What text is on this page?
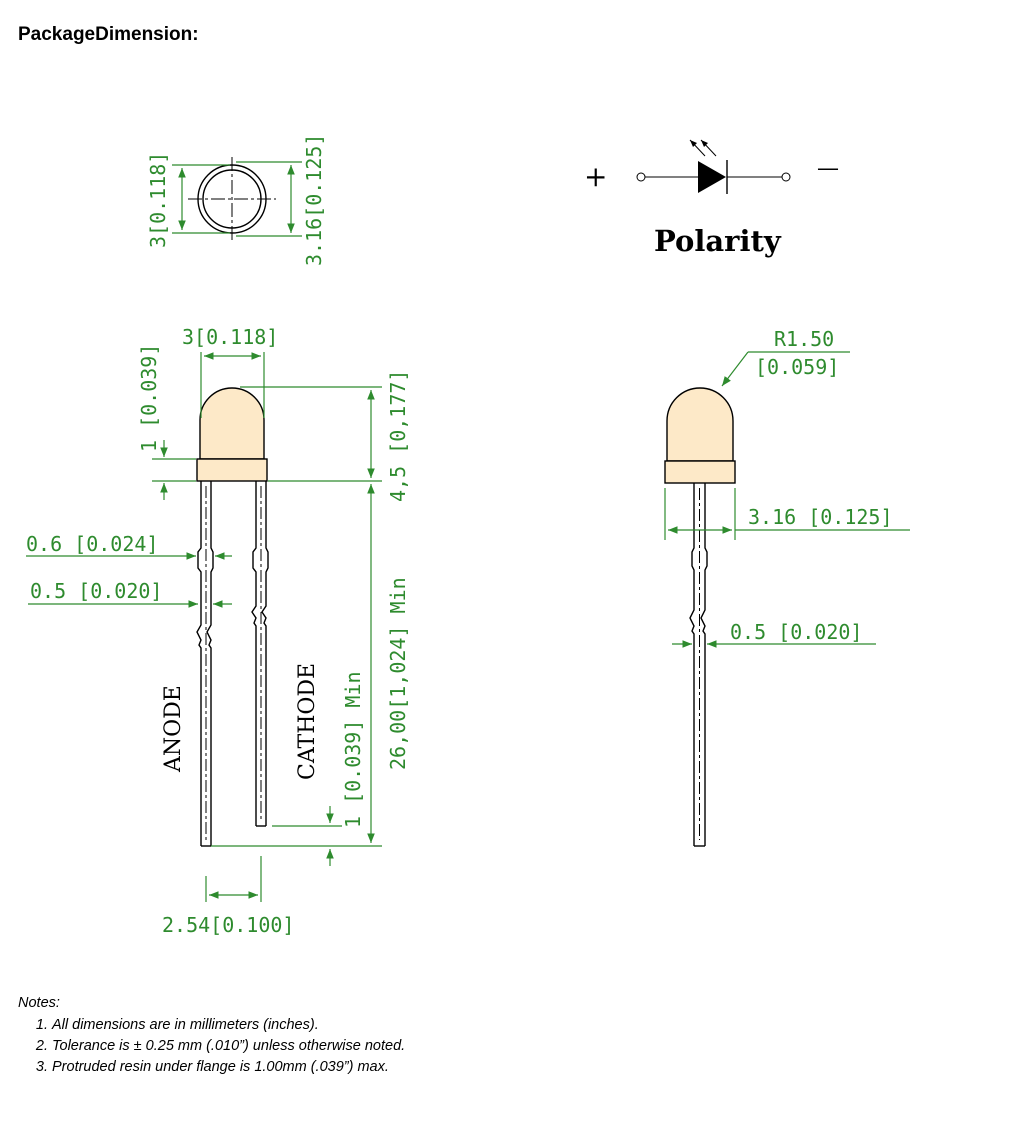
PackageDimension:
3[0.118]	3.16[0.125]	+	—
Polarity
3[0.118]
1 [0.039]	4,5 [0,177]
26,00[1,024] Min
1 [0.039] Min
0.6 [0.024]
0.5 [0.020]
2.54[0.100]
ANODE	CATHODE
R1.50
[0.059]
3.16 [0.125]
0.5 [0.020]
Notes:
1. All dimensions are in millimeters (inches).
2. Tolerance is ± 0.25 mm (.010”) unless otherwise noted.
3. Protruded resin under flange is 1.00mm (.039”) max.
